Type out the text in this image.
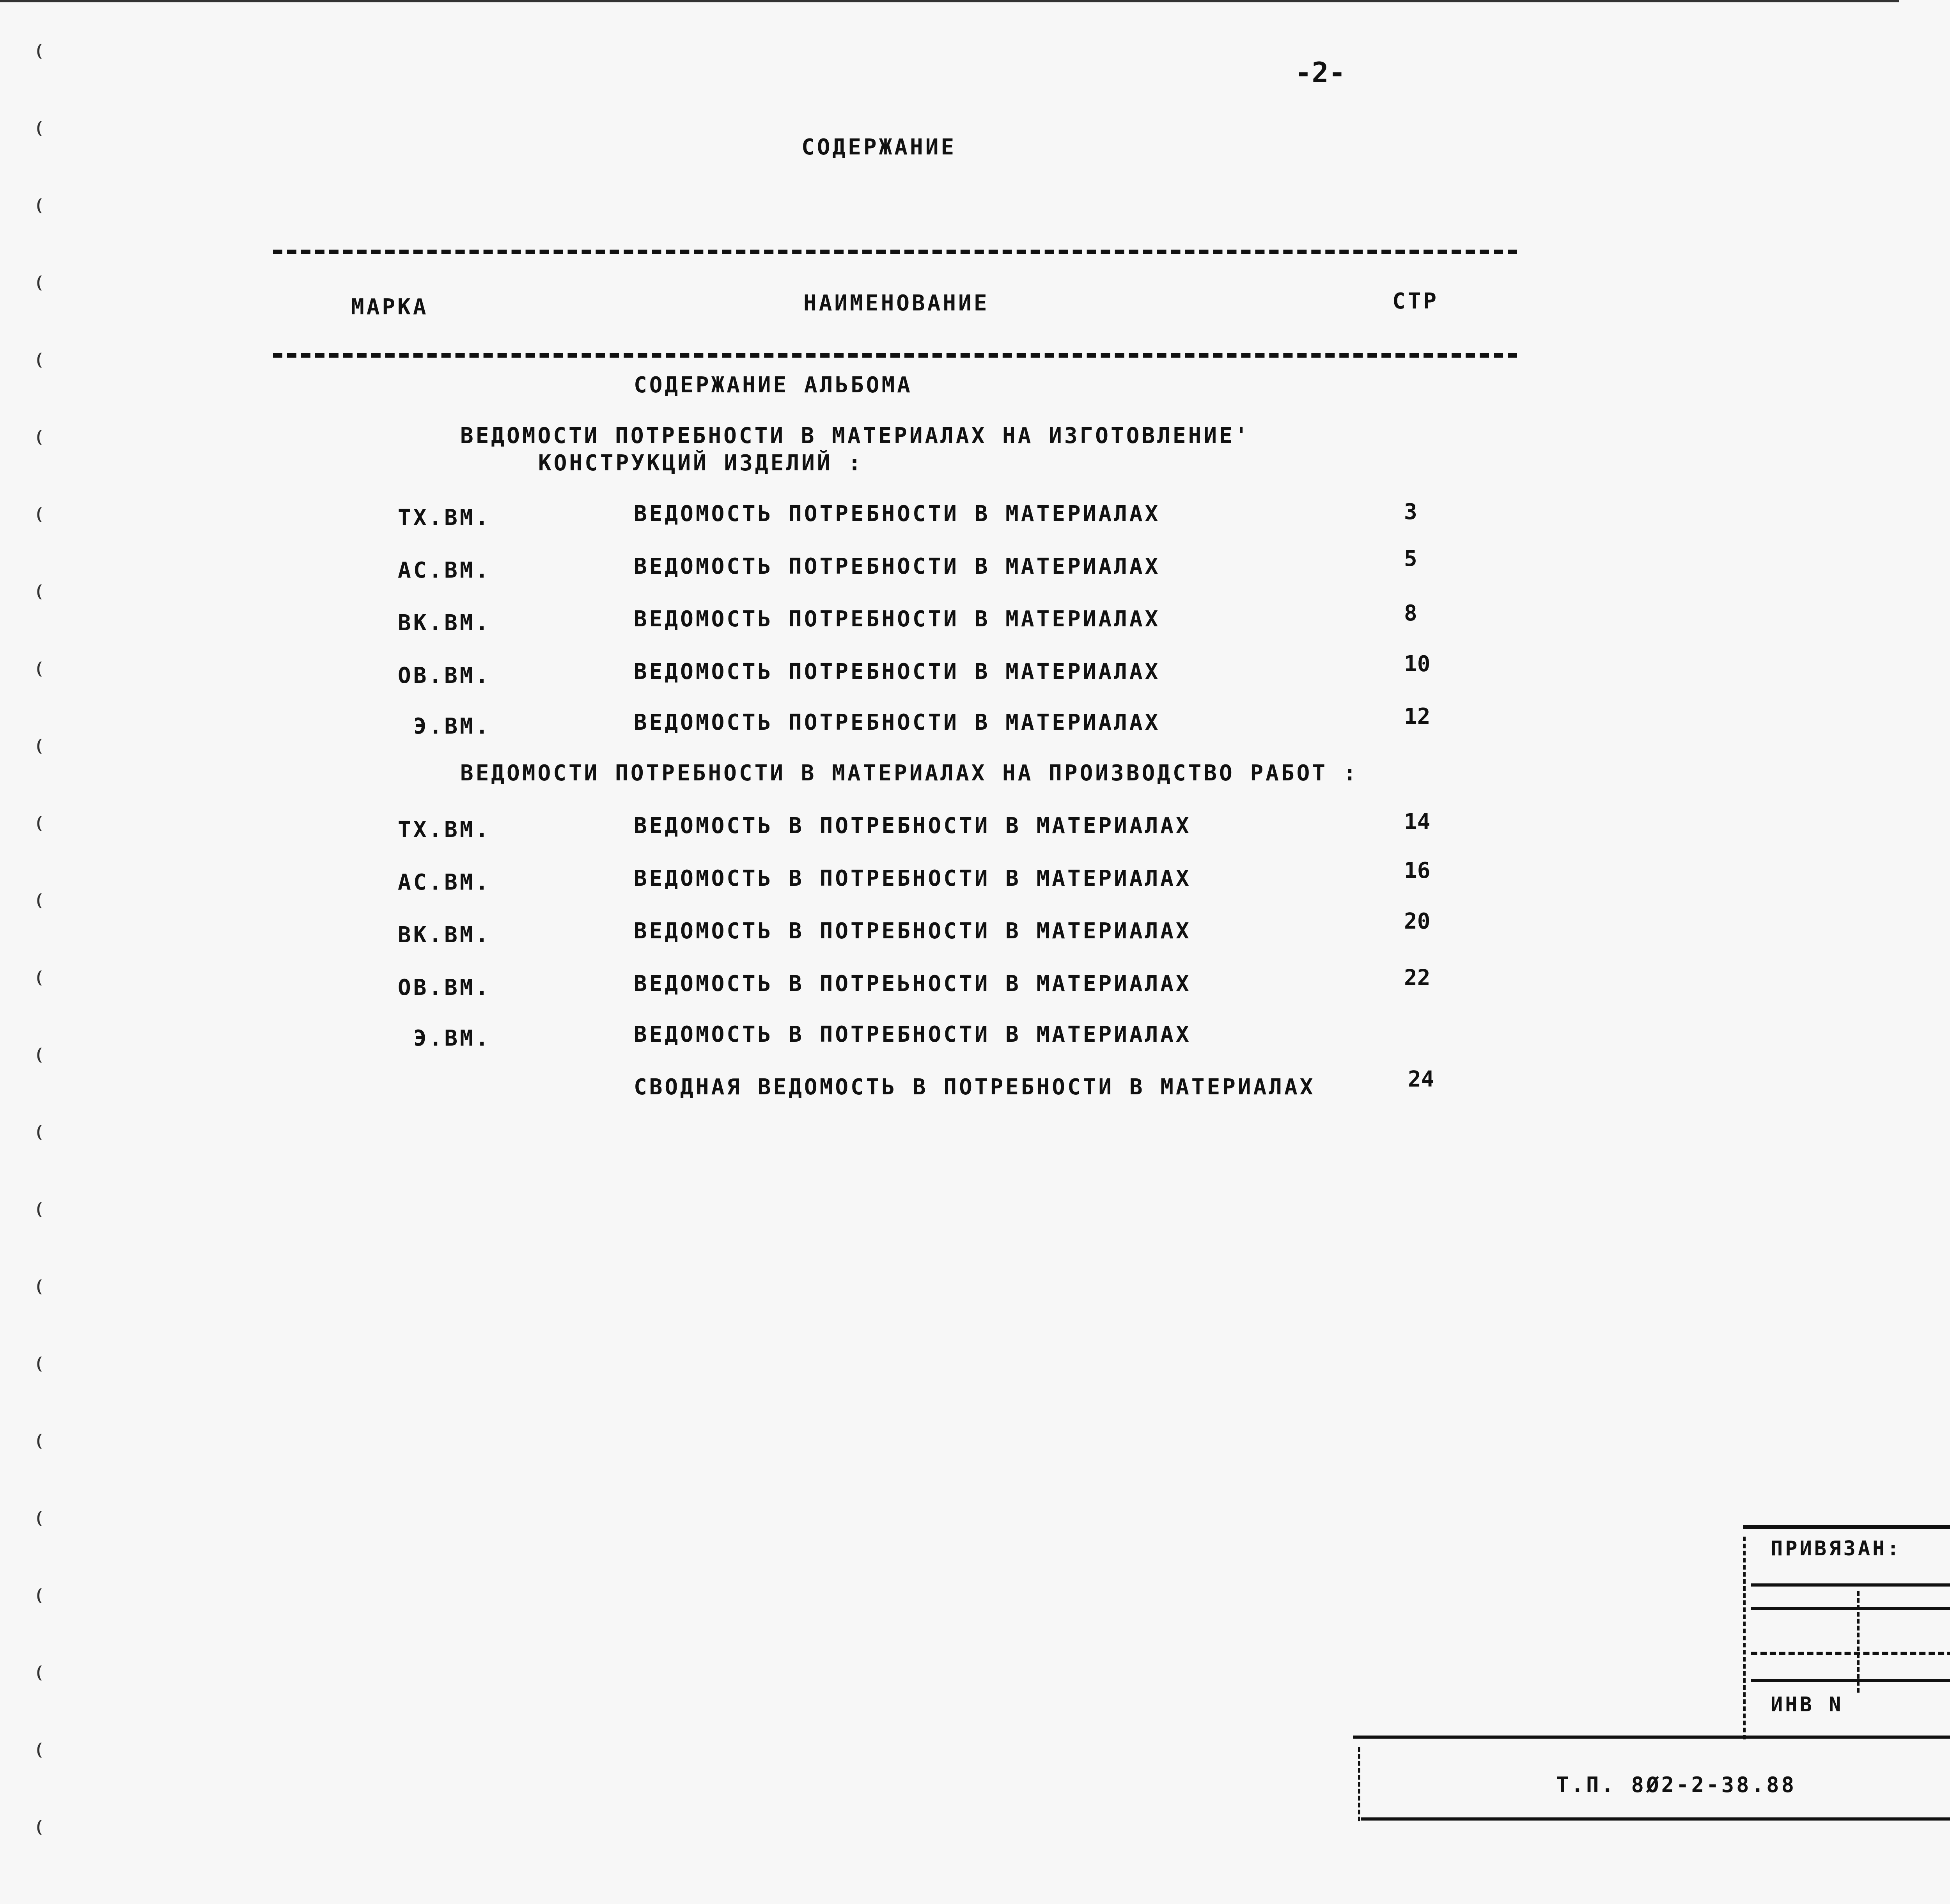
⌣
⌣
⌣
⌣
⌣
⌣
⌣
⌣
⌣
⌣
⌣
⌣
⌣
⌣
⌣
⌣
⌣
⌣
⌣
⌣
⌣
⌣
⌣
⌣
-2-
СОДЕРЖАНИЕ
МАРКА	НАИМЕНОВАНИЕ	СТР
СОДЕРЖАНИЕ АЛЬБОМА
ВЕДОМОСТИ ПОТРЕБНОСТИ В МАТЕРИАЛАХ НА ИЗГОТОВЛЕНИЕ'
КОНСТРУКЦИЙ ИЗДЕЛИЙ :
ВЕДОМОСТИ ПОТРЕБНОСТИ В МАТЕРИАЛАХ НА ПРОИЗВОДСТВО РАБОТ :
ТХ.ВМ.	ВЕДОМОСТЬ ПОТРЕБНОСТИ В МАТЕРИАЛАХ	3
АС.ВМ.	ВЕДОМОСТЬ ПОТРЕБНОСТИ В МАТЕРИАЛАХ	5
ВК.ВМ.	ВЕДОМОСТЬ ПОТРЕБНОСТИ В МАТЕРИАЛАХ	8
ОВ.ВМ.	ВЕДОМОСТЬ ПОТРЕБНОСТИ В МАТЕРИАЛАХ	10
Э.ВМ.	ВЕДОМОСТЬ ПОТРЕБНОСТИ В МАТЕРИАЛАХ	12
ТХ.ВМ.	ВЕДОМОСТЬ В ПОТРЕБНОСТИ В МАТЕРИАЛАХ	14
АС.ВМ.	ВЕДОМОСТЬ В ПОТРЕБНОСТИ В МАТЕРИАЛАХ	16
ВК.ВМ.	ВЕДОМОСТЬ В ПОТРЕБНОСТИ В МАТЕРИАЛАХ	20
ОВ.ВМ.	ВЕДОМОСТЬ В ПОТРЕЬНОСТИ В МАТЕРИАЛАХ	22
Э.ВМ.	ВЕДОМОСТЬ В ПОТРЕБНОСТИ В МАТЕРИАЛАХ
СВОДНАЯ ВЕДОМОСТЬ В ПОТРЕБНОСТИ В МАТЕРИАЛАХ	24
ПРИВЯЗАН:
ИНВ N
Т.П. 8Ø2-2-38.88
